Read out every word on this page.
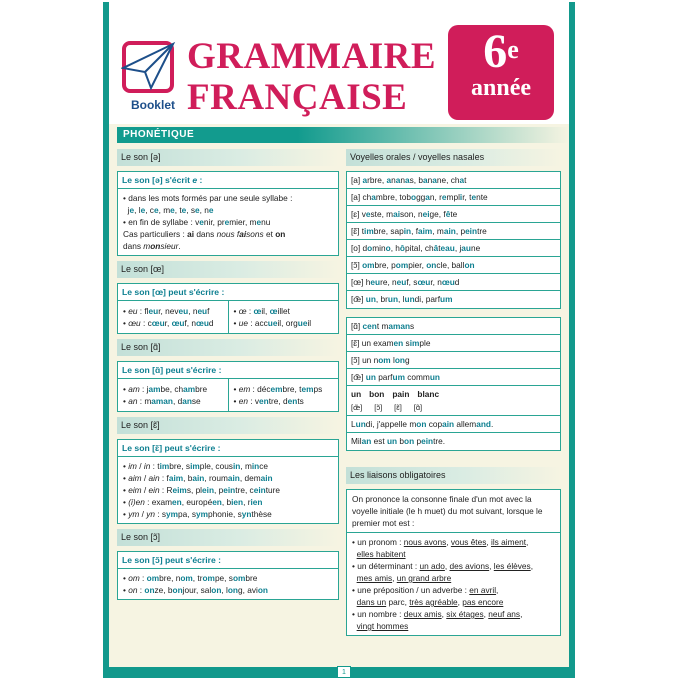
Booklet
GRAMMAIRE
FRANÇAISE
6e
année
PHONÉTIQUE
Le son [ə]
Le son [ə] s'écrit e :
• dans les mots formés par une seule syllabe :
je, le, ce, me, te, se, ne
• en fin de syllabe : venir, premier, menu
Cas particuliers : ai dans nous faisons et on
dans monsieur.
Le son [œ]
Le son [œ] peut s'écrire :
• eu : fleur, neveu, neuf
• œu : cœur, œuf, nœud
• œ : œil, œillet
• ue : accueil, orgueil
Le son [ɑ̃]
Le son [ɑ̃] peut s'écrire :
• am : jambe, chambre
• an : maman, danse
• em : décembre, temps
• en : ventre, dents
Le son [ɛ̃]
Le son [ɛ̃] peut s'écrire :
• im / in : timbre, simple, cousin, mince
• aim / ain : faim, bain, roumain, demain
• eim / ein : Reims, plein, peintre, ceinture
• (i)en : examen, européen, bien, rien
• ym / yn : sympa, symphonie, synthèse
Le son [ɔ̃]
Le son [ɔ̃] peut s'écrire :
• om : ombre, nom, trompe, sombre
• on : onze, bonjour, salon, long, avion
Voyelles orales / voyelles nasales
[a] arbre, ananas, banane, chat
[a] chambre, toboggan, remplir, tente
[ɛ] veste, maison, neige, fête
[ɛ̃] timbre, sapin, faim, main, peintre
[o] domino, hôpital, château, jaune
[ɔ̃] ombre, pompier, oncle, ballon
[œ] heure, neuf, sœur, nœud
[œ̃] un, brun, lundi, parfum
[ɑ̃] cent mamans
[ɛ̃] un examen simple
[ɔ̃] un nom long
[œ̃] un parfum commun
un bon pain blanc
[œ̃] [ɔ̃] [ɛ̃] [ɑ̃]
Lundi, j'appelle mon copain allemand.
Milan est un bon peintre.
Les liaisons obligatoires
On prononce la consonne finale d'un mot avec la voyelle initiale (le h muet) du mot suivant, lorsque le premier mot est :
• un pronom : nous avons, vous êtes, ils aiment,
elles habitent
• un déterminant : un ado, des avions, les élèves,
mes amis, un grand arbre
• une préposition / un adverbe : en avril,
dans un parc, très agréable, pas encore
• un nombre : deux amis, six étages, neuf ans,
vingt hommes
1
